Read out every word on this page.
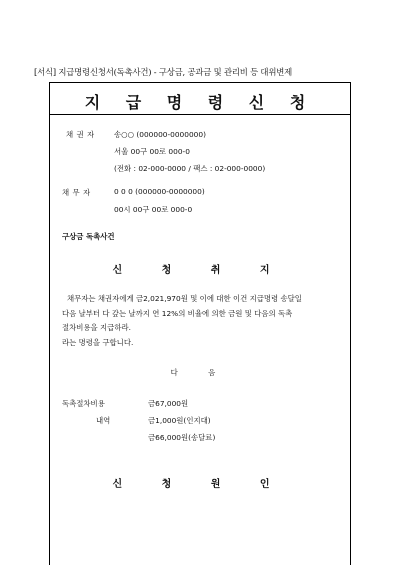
[서식] 지급명령신청서(독촉사건) - 구상금, 공과금 및 관리비 등 대위변제
지 급 명 령 신 청
채 권 자	송○○ (000000-0000000)
서울 00구 00로 000-0
(전화 : 02-000-0000 / 팩스 : 02-000-0000)
채 무 자	0 0 0 (000000-0000000)
00시 00구 00로 000-0
구상금 독촉사건
신 청 취 지

채무자는 채권자에게 금2,021,970원 및 이에 대한 이건 지급명령 송달일

다음 날부터 다 갚는 날까지 연 12%의 비율에 의한 금원 및 다음의 독촉

절차비용을 지급하라.

라는 명령을 구합니다.

다 음
독촉절차비용	금67,000원
내역	금1,000원(인지대)
금66,000원(송달료)
신 청 원 인
